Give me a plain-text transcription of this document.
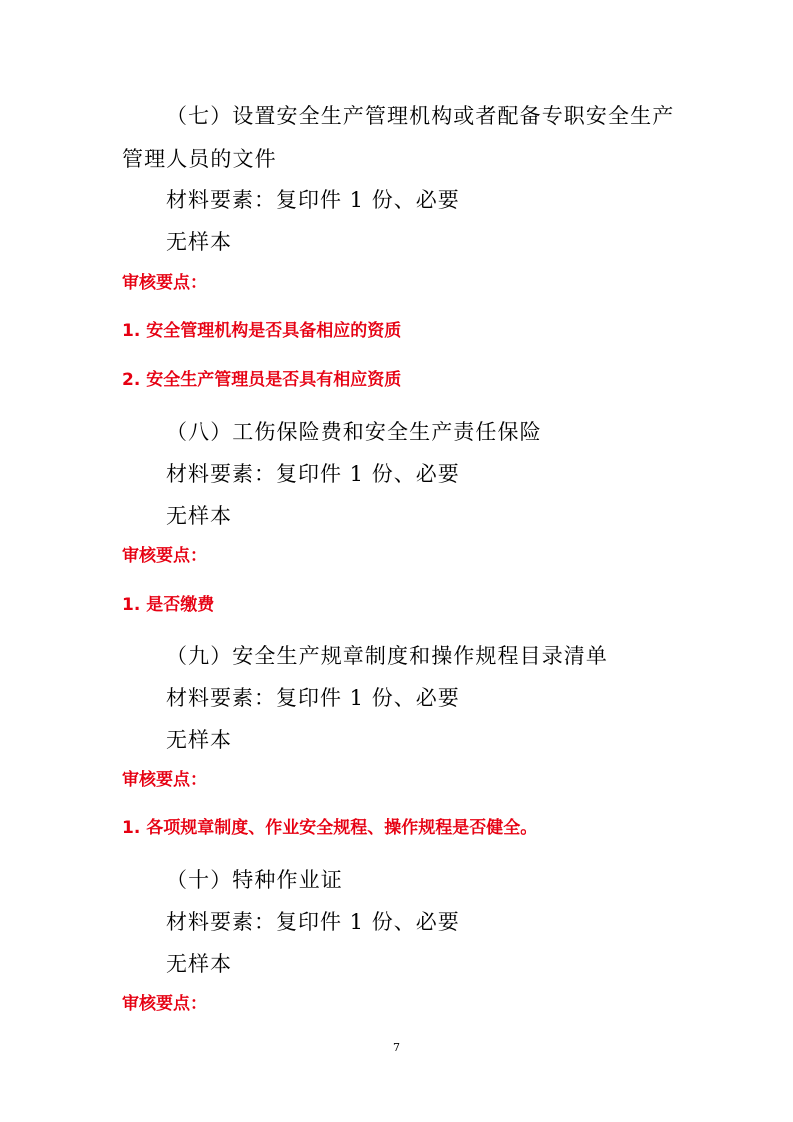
（七）设置安全生产管理机构或者配备专职安全生产
管理人员的文件
材料要素：复印件 1 份、必要
无样本
审核要点：
1. 安全管理机构是否具备相应的资质
2. 安全生产管理员是否具有相应资质
（八）工伤保险费和安全生产责任保险
材料要素：复印件 1 份、必要
无样本
审核要点：
1. 是否缴费
（九）安全生产规章制度和操作规程目录清单
材料要素：复印件 1 份、必要
无样本
审核要点：
1. 各项规章制度、作业安全规程、操作规程是否健全。
（十）特种作业证
材料要素：复印件 1 份、必要
无样本
审核要点：
7
